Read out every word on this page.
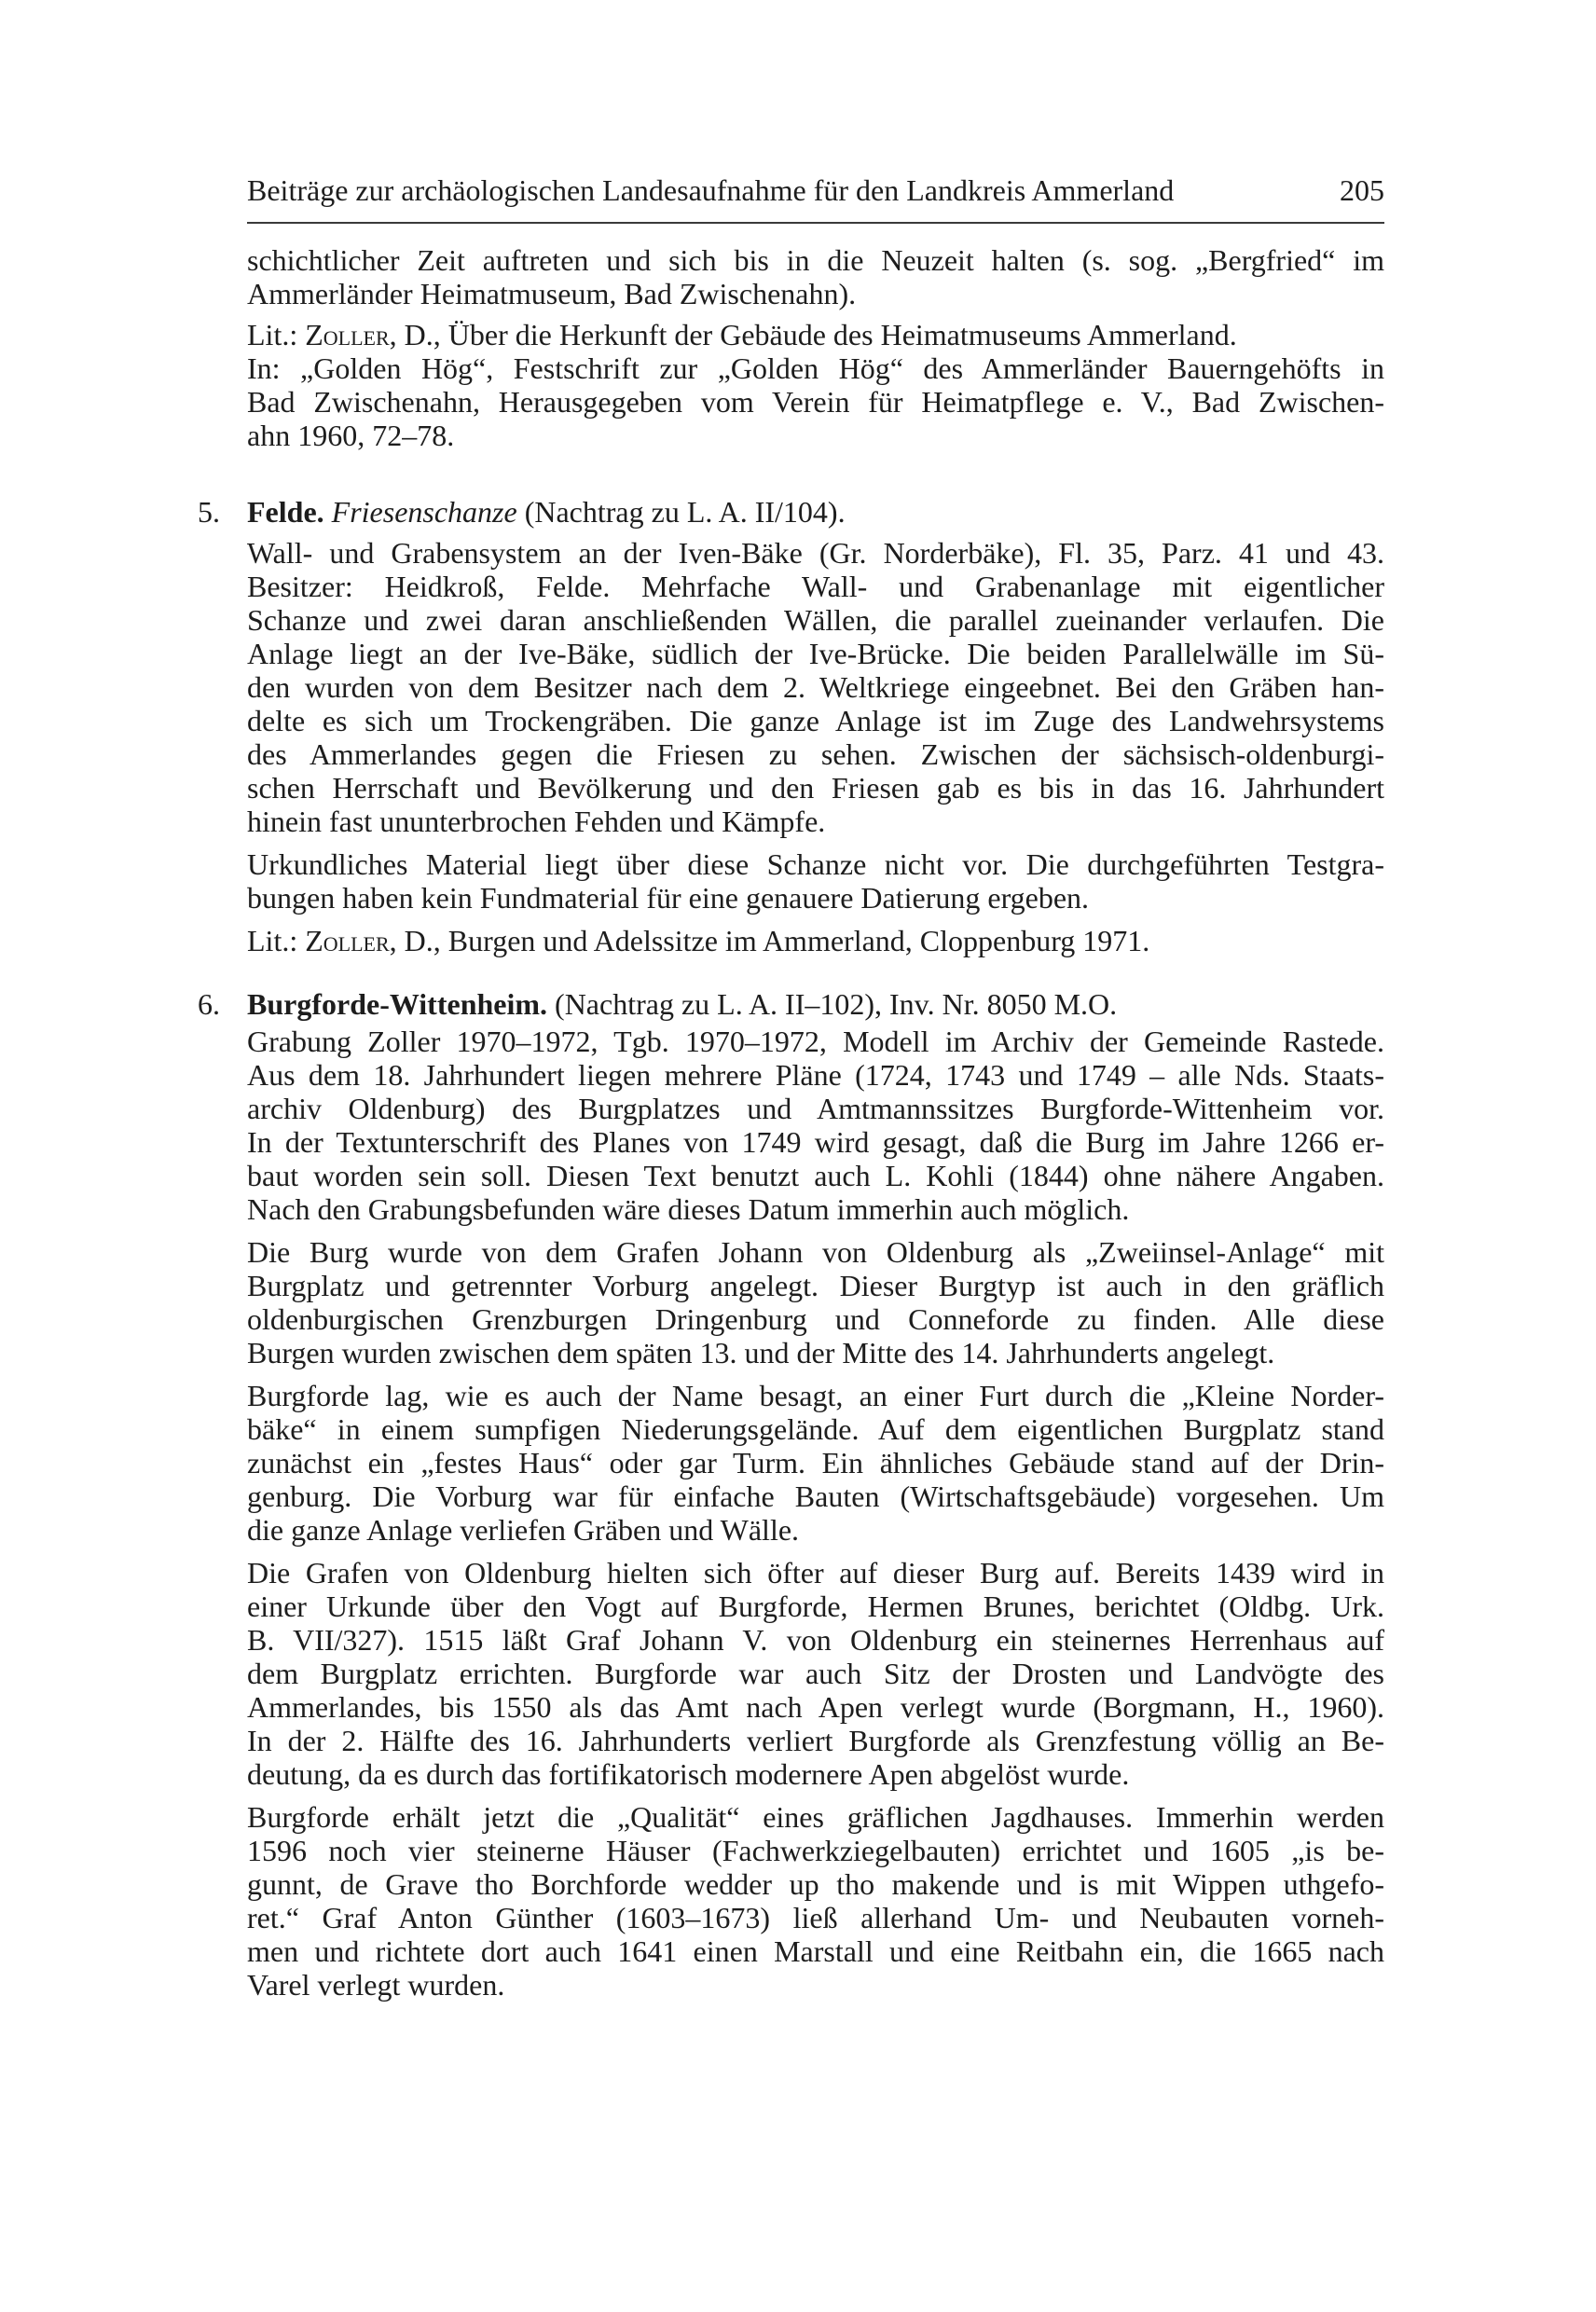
Beiträge zur archäologischen Landesaufnahme für den Landkreis Ammerland	205
schichtlicher Zeit auftreten und sich bis in die Neuzeit halten (s. sog. „Bergfried“ im
Ammerländer Heimatmuseum, Bad Zwischenahn).
Lit.: Zoller, D., Über die Herkunft der Gebäude des Heimatmuseums Ammerland.
In: „Golden Hög“, Festschrift zur „Golden Hög“ des Ammerländer Bauerngehöfts in
Bad Zwischenahn, Herausgegeben vom Verein für Heimatpflege e. V., Bad Zwischen-
ahn 1960, 72–78.
5. Felde. Friesenschanze (Nachtrag zu L. A. II/104).
Wall- und Grabensystem an der Iven-Bäke (Gr. Norderbäke), Fl. 35, Parz. 41 und 43.
Besitzer: Heidkroß, Felde. Mehrfache Wall- und Grabenanlage mit eigentlicher
Schanze und zwei daran anschließenden Wällen, die parallel zueinander verlaufen. Die
Anlage liegt an der Ive-Bäke, südlich der Ive-Brücke. Die beiden Parallelwälle im Sü-
den wurden von dem Besitzer nach dem 2. Weltkriege eingeebnet. Bei den Gräben han-
delte es sich um Trockengräben. Die ganze Anlage ist im Zuge des Landwehrsystems
des Ammerlandes gegen die Friesen zu sehen. Zwischen der sächsisch-oldenburgi-
schen Herrschaft und Bevölkerung und den Friesen gab es bis in das 16. Jahrhundert
hinein fast ununterbrochen Fehden und Kämpfe.
Urkundliches Material liegt über diese Schanze nicht vor. Die durchgeführten Testgra-
bungen haben kein Fundmaterial für eine genauere Datierung ergeben.
Lit.: Zoller, D., Burgen und Adelssitze im Ammerland, Cloppenburg 1971.
6. Burgforde-Wittenheim. (Nachtrag zu L. A. II–102), Inv. Nr. 8050 M.O.
Grabung Zoller 1970–1972, Tgb. 1970–1972, Modell im Archiv der Gemeinde Rastede.
Aus dem 18. Jahrhundert liegen mehrere Pläne (1724, 1743 und 1749 – alle Nds. Staats-
archiv Oldenburg) des Burgplatzes und Amtmannssitzes Burgforde-Wittenheim vor.
In der Textunterschrift des Planes von 1749 wird gesagt, daß die Burg im Jahre 1266 er-
baut worden sein soll. Diesen Text benutzt auch L. Kohli (1844) ohne nähere Angaben.
Nach den Grabungsbefunden wäre dieses Datum immerhin auch möglich.
Die Burg wurde von dem Grafen Johann von Oldenburg als „Zweiinsel-Anlage“ mit
Burgplatz und getrennter Vorburg angelegt. Dieser Burgtyp ist auch in den gräflich
oldenburgischen Grenzburgen Dringenburg und Conneforde zu finden. Alle diese
Burgen wurden zwischen dem späten 13. und der Mitte des 14. Jahrhunderts angelegt.
Burgforde lag, wie es auch der Name besagt, an einer Furt durch die „Kleine Norder-
bäke“ in einem sumpfigen Niederungsgelände. Auf dem eigentlichen Burgplatz stand
zunächst ein „festes Haus“ oder gar Turm. Ein ähnliches Gebäude stand auf der Drin-
genburg. Die Vorburg war für einfache Bauten (Wirtschaftsgebäude) vorgesehen. Um
die ganze Anlage verliefen Gräben und Wälle.
Die Grafen von Oldenburg hielten sich öfter auf dieser Burg auf. Bereits 1439 wird in
einer Urkunde über den Vogt auf Burgforde, Hermen Brunes, berichtet (Oldbg. Urk.
B. VII/327). 1515 läßt Graf Johann V. von Oldenburg ein steinernes Herrenhaus auf
dem Burgplatz errichten. Burgforde war auch Sitz der Drosten und Landvögte des
Ammerlandes, bis 1550 als das Amt nach Apen verlegt wurde (Borgmann, H., 1960).
In der 2. Hälfte des 16. Jahrhunderts verliert Burgforde als Grenzfestung völlig an Be-
deutung, da es durch das fortifikatorisch modernere Apen abgelöst wurde.
Burgforde erhält jetzt die „Qualität“ eines gräflichen Jagdhauses. Immerhin werden
1596 noch vier steinerne Häuser (Fachwerkziegelbauten) errichtet und 1605 „is be-
gunnt, de Grave tho Borchforde wedder up tho makende und is mit Wippen uthgefo-
ret.“ Graf Anton Günther (1603–1673) ließ allerhand Um- und Neubauten vorneh-
men und richtete dort auch 1641 einen Marstall und eine Reitbahn ein, die 1665 nach
Varel verlegt wurden.
